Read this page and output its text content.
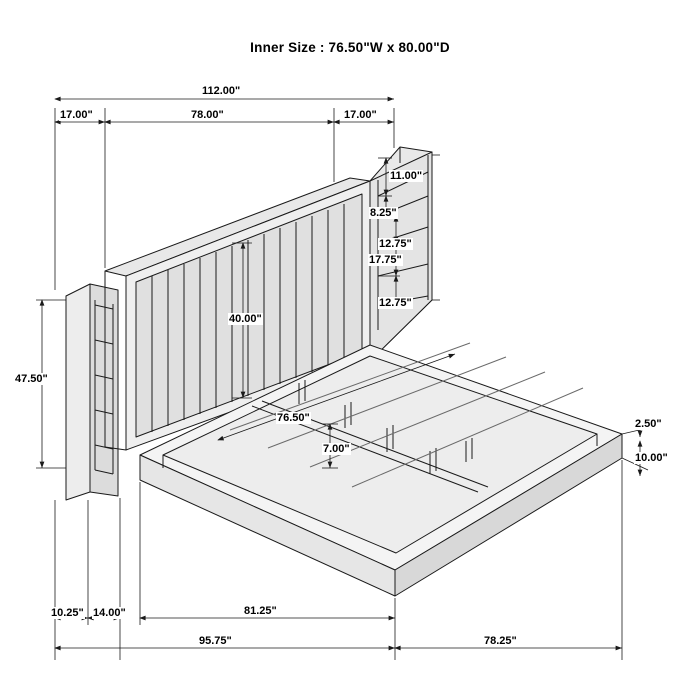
Inner Size : 76.50"W x 80.00"D
112.00"
17.00"	78.00"	17.00"
11.00"
8.25"
12.75"
17.75"
12.75"
40.00"
47.50"
76.50"
7.00"
2.50"
10.00"
10.25" 14.00"	81.25"
95.75"	78.25"
